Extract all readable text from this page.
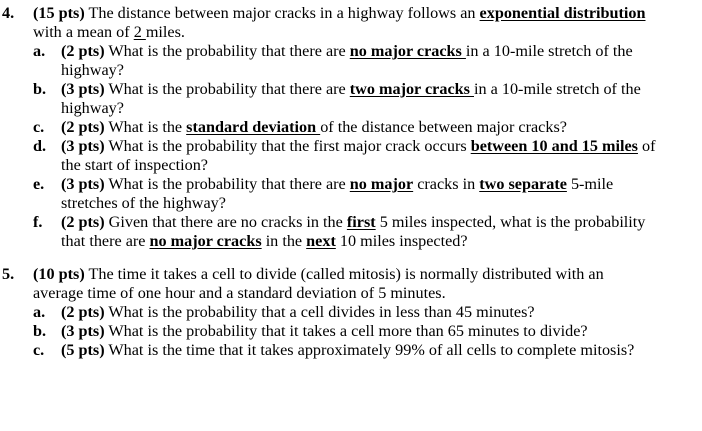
4. (15 pts) The distance between major cracks in a highway follows an exponential distribution with a mean of 2 miles.
a. (2 pts) What is the probability that there are no major cracks in a 10-mile stretch of the highway?
b. (3 pts) What is the probability that there are two major cracks in a 10-mile stretch of the highway?
c. (2 pts) What is the standard deviation of the distance between major cracks?
d. (3 pts) What is the probability that the first major crack occurs between 10 and 15 miles of the start of inspection?
e. (3 pts) What is the probability that there are no major cracks in two separate 5-mile stretches of the highway?
f. (2 pts) Given that there are no cracks in the first 5 miles inspected, what is the probability that there are no major cracks in the next 10 miles inspected?
5. (10 pts) The time it takes a cell to divide (called mitosis) is normally distributed with an average time of one hour and a standard deviation of 5 minutes.
a. (2 pts) What is the probability that a cell divides in less than 45 minutes?
b. (3 pts) What is the probability that it takes a cell more than 65 minutes to divide?
c. (5 pts) What is the time that it takes approximately 99% of all cells to complete mitosis?
